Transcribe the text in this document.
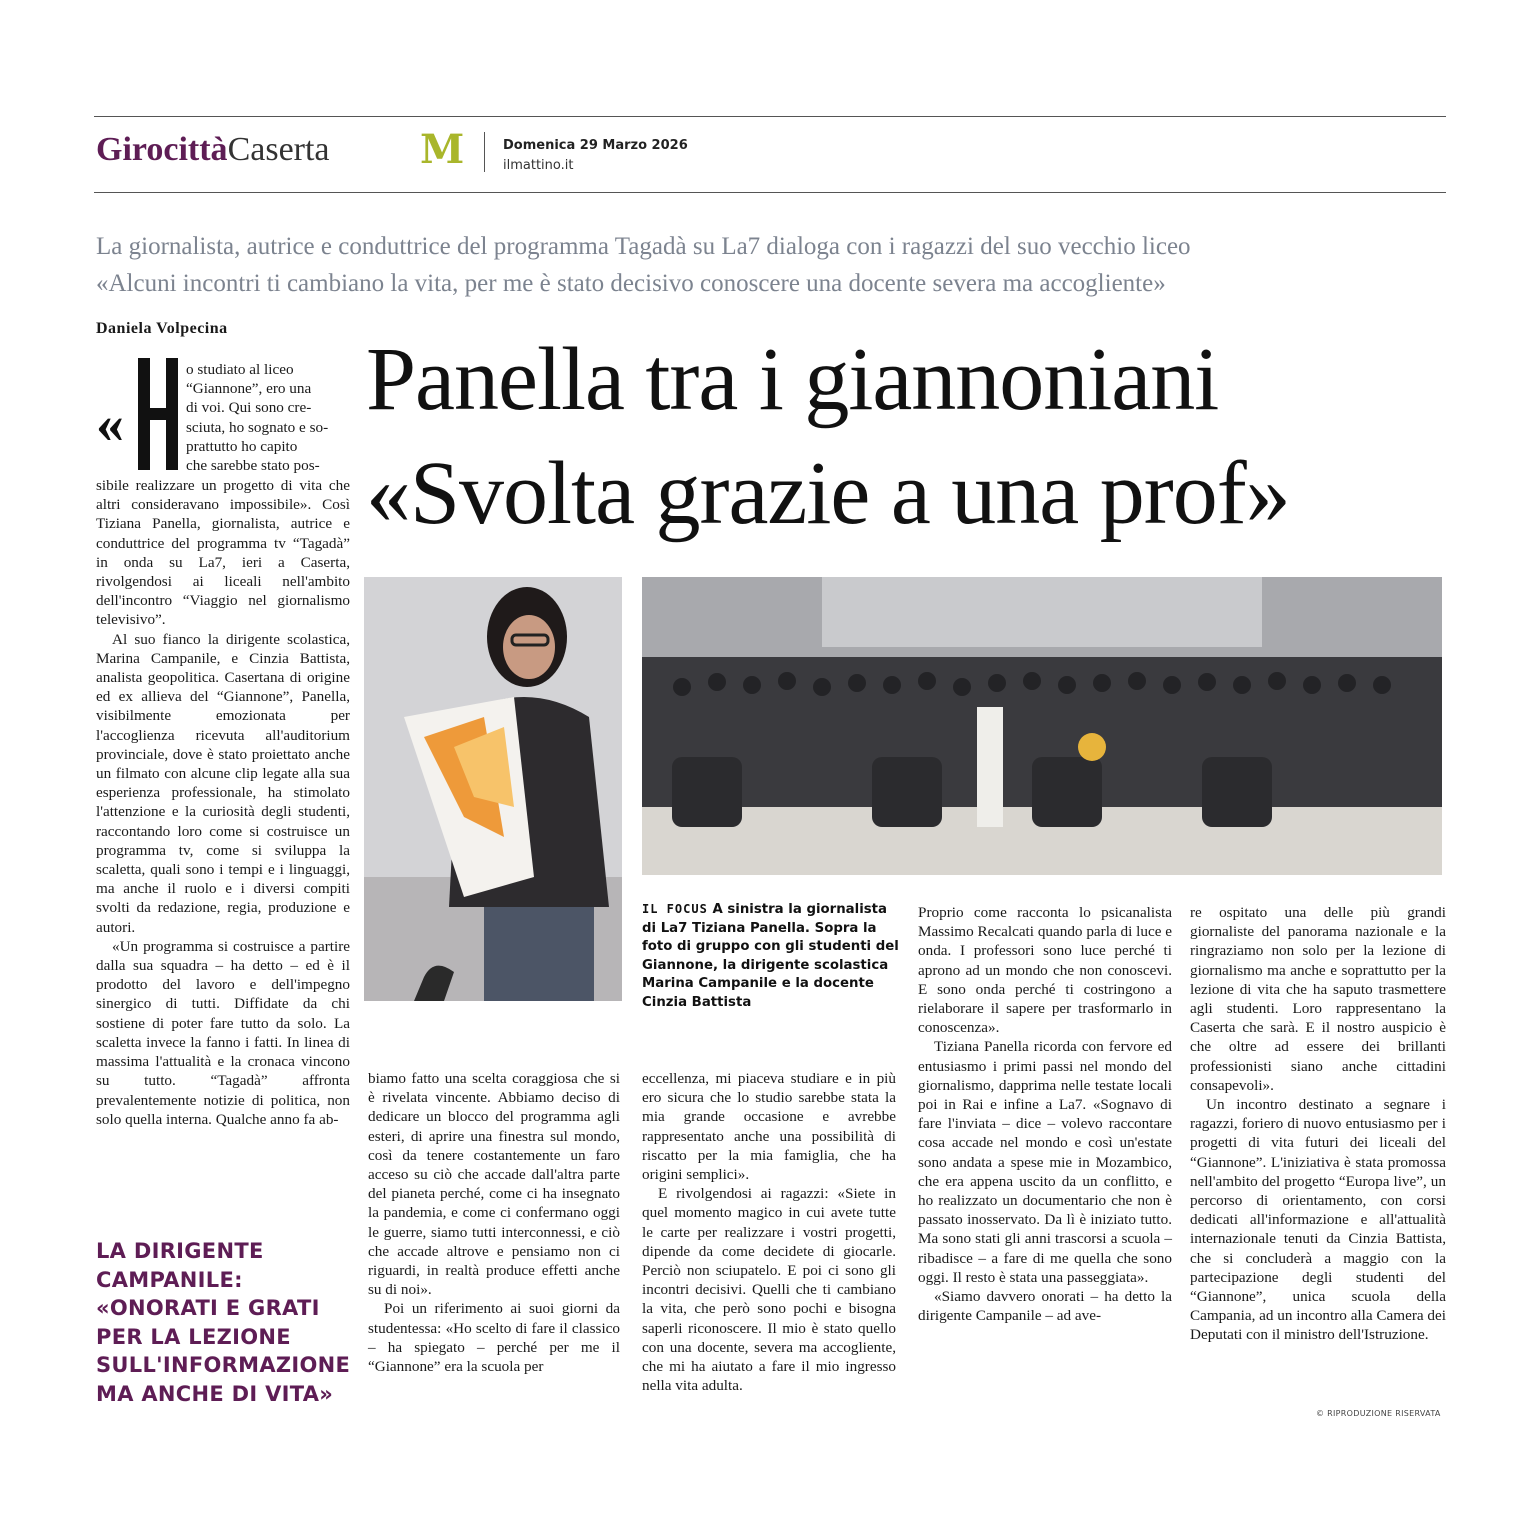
GirocittàCaserta M	Domenica 29 Marzo 2026
ilmattino.it
La giornalista, autrice e conduttrice del programma Tagadà su La7 dialoga con i ragazzi del suo vecchio liceo
«Alcuni incontri ti cambiano la vita, per me è stato decisivo conoscere una docente severa ma accogliente»
Daniela Volpecina
Panella tra i giannoniani
«Svolta grazie a una prof»
«
o studiato al liceo
“Giannone”, ero una
di voi. Qui sono cre-
sciuta, ho sognato e so-
prattutto ho capito
che sarebbe stato pos-

sibile realizzare un progetto di vita che altri consideravano impossibile». Così Tiziana Panella, giornalista, autrice e conduttrice del programma tv “Tagadà” in onda su La7, ieri a Caserta, rivolgendosi ai liceali nell'ambito dell'incontro “Viaggio nel giornalismo televisivo”.

Al suo fianco la dirigente scolastica, Marina Campanile, e Cinzia Battista, analista geopolitica. Casertana di origine ed ex allieva del “Giannone”, Panella, visibilmente emozionata per l'accoglienza ricevuta all'auditorium provinciale, dove è stato proiettato anche un filmato con alcune clip legate alla sua esperienza professionale, ha stimolato l'attenzione e la curiosità degli studenti, raccontando loro come si costruisce un programma tv, come si sviluppa la scaletta, quali sono i tempi e i linguaggi, ma anche il ruolo e i diversi compiti svolti da redazione, regia, produzione e autori.

«Un programma si costruisce a partire dalla sua squadra – ha detto – ed è il prodotto del lavoro e dell'impegno sinergico di tutti. Diffidate da chi sostiene di poter fare tutto da solo. La scaletta invece la fanno i fatti. In linea di massima l'attualità e la cronaca vincono su tutto. “Tagadà” affronta prevalentemente notizie di politica, non solo quella interna. Qualche anno fa ab-

LA DIRIGENTE CAMPANILE: «ONORATI E GRATI PER LA LEZIONE SULL'INFORMAZIONE MA ANCHE DI VITA»
IL FOCUS A sinistra la giornalista di La7 Tiziana Panella. Sopra la foto di gruppo con gli studenti del Giannone, la dirigente scolastica Marina Campanile e la docente Cinzia Battista

biamo fatto una scelta coraggiosa che si è rivelata vincente. Abbiamo deciso di dedicare un blocco del programma agli esteri, di aprire una finestra sul mondo, così da tenere costantemente un faro acceso su ciò che accade dall'altra parte del pianeta perché, come ci ha insegnato la pandemia, e come ci confermano oggi le guerre, siamo tutti interconnessi, e ciò che accade altrove e pensiamo non ci riguardi, in realtà produce effetti anche su di noi».

Poi un riferimento ai suoi giorni da studentessa: «Ho scelto di fare il classico – ha spiegato – perché per me il “Giannone” era la scuola per

eccellenza, mi piaceva studiare e in più ero sicura che lo studio sarebbe stata la mia grande occasione e avrebbe rappresentato anche una possibilità di riscatto per la mia famiglia, che ha origini semplici».

E rivolgendosi ai ragazzi: «Siete in quel momento magico in cui avete tutte le carte per realizzare i vostri progetti, dipende da come decidete di giocarle. Perciò non sciupatelo. E poi ci sono gli incontri decisivi. Quelli che ti cambiano la vita, che però sono pochi e bisogna saperli riconoscere. Il mio è stato quello con una docente, severa ma accogliente, che mi ha aiutato a fare il mio ingresso nella vita adulta.

Proprio come racconta lo psicanalista Massimo Recalcati quando parla di luce e onda. I professori sono luce perché ti aprono ad un mondo che non conoscevi. E sono onda perché ti costringono a rielaborare il sapere per trasformarlo in conoscenza».

Tiziana Panella ricorda con fervore ed entusiasmo i primi passi nel mondo del giornalismo, dapprima nelle testate locali poi in Rai e infine a La7. «Sognavo di fare l'inviata – dice – volevo raccontare cosa accade nel mondo e così un'estate sono andata a spese mie in Mozambico, che era appena uscito da un conflitto, e ho realizzato un documentario che non è passato inosservato. Da lì è iniziato tutto. Ma sono stati gli anni trascorsi a scuola – ribadisce – a fare di me quella che sono oggi. Il resto è stata una passeggiata».

«Siamo davvero onorati – ha detto la dirigente Campanile – ad ave-

re ospitato una delle più grandi giornaliste del panorama nazionale e la ringraziamo non solo per la lezione di giornalismo ma anche e soprattutto per la lezione di vita che ha saputo trasmettere agli studenti. Loro rappresentano la Caserta che sarà. E il nostro auspicio è che oltre ad essere dei brillanti professionisti siano anche cittadini consapevoli».

Un incontro destinato a segnare i ragazzi, foriero di nuovo entusiasmo per i progetti di vita futuri dei liceali del “Giannone”. L'iniziativa è stata promossa nell'ambito del progetto “Europa live”, un percorso di orientamento, con corsi dedicati all'informazione e all'attualità internazionale tenuti da Cinzia Battista, che si concluderà a maggio con la partecipazione degli studenti del “Giannone”, unica scuola della Campania, ad un incontro alla Camera dei Deputati con il ministro dell'Istruzione.

© RIPRODUZIONE RISERVATA
